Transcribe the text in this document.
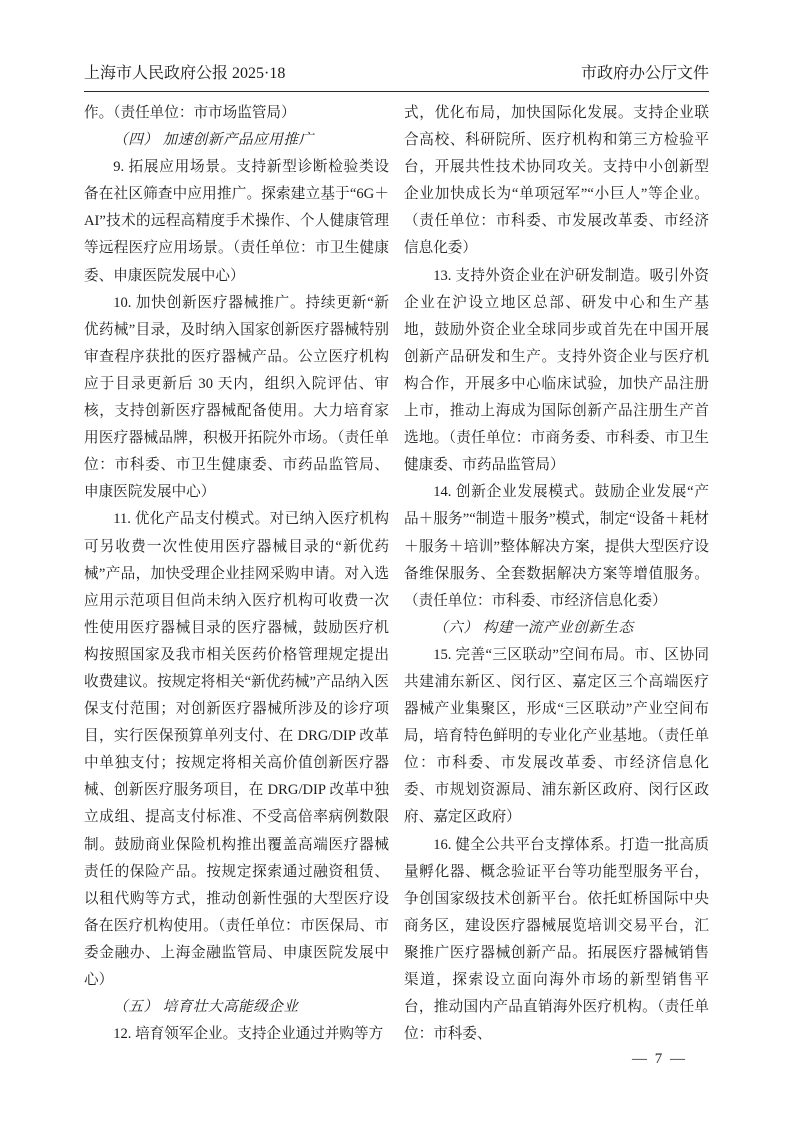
上海市人民政府公报 2025·18	市政府办公厅文件

作。（责任单位：市市场监管局）

（四） 加速创新产品应用推广

9. 拓展应用场景。支持新型诊断检验类设备在社区筛查中应用推广。探索建立基于“6G＋AI”技术的远程高精度手术操作、个人健康管理等远程医疗应用场景。（责任单位：市卫生健康委、申康医院发展中心）

10. 加快创新医疗器械推广。持续更新“新优药械”目录，及时纳入国家创新医疗器械特别审查程序获批的医疗器械产品。公立医疗机构应于目录更新后 30 天内，组织入院评估、审核，支持创新医疗器械配备使用。大力培育家用医疗器械品牌，积极开拓院外市场。（责任单位：市科委、市卫生健康委、市药品监管局、申康医院发展中心）

11. 优化产品支付模式。对已纳入医疗机构可另收费一次性使用医疗器械目录的“新优药械”产品，加快受理企业挂网采购申请。对入选应用示范项目但尚未纳入医疗机构可收费一次性使用医疗器械目录的医疗器械，鼓励医疗机构按照国家及我市相关医药价格管理规定提出收费建议。按规定将相关“新优药械”产品纳入医保支付范围；对创新医疗器械所涉及的诊疗项目，实行医保预算单列支付、在 DRG/DIP 改革中单独支付；按规定将相关高价值创新医疗器械、创新医疗服务项目，在 DRG/DIP 改革中独立成组、提高支付标准、不受高倍率病例数限制。鼓励商业保险机构推出覆盖高端医疗器械责任的保险产品。按规定探索通过融资租赁、以租代购等方式，推动创新性强的大型医疗设备在医疗机构使用。（责任单位：市医保局、市委金融办、上海金融监管局、申康医院发展中心）

（五） 培育壮大高能级企业

12. 培育领军企业。支持企业通过并购等方

式，优化布局，加快国际化发展。支持企业联合高校、科研院所、医疗机构和第三方检验平台，开展共性技术协同攻关。支持中小创新型企业加快成长为“单项冠军”“小巨人”等企业。（责任单位：市科委、市发展改革委、市经济信息化委）

13. 支持外资企业在沪研发制造。吸引外资企业在沪设立地区总部、研发中心和生产基地，鼓励外资企业全球同步或首先在中国开展创新产品研发和生产。支持外资企业与医疗机构合作，开展多中心临床试验，加快产品注册上市，推动上海成为国际创新产品注册生产首选地。（责任单位：市商务委、市科委、市卫生健康委、市药品监管局）

14. 创新企业发展模式。鼓励企业发展“产品＋服务”“制造＋服务”模式，制定“设备＋耗材＋服务＋培训”整体解决方案，提供大型医疗设备维保服务、全套数据解决方案等增值服务。（责任单位：市科委、市经济信息化委）

（六） 构建一流产业创新生态

15. 完善“三区联动”空间布局。市、区协同共建浦东新区、闵行区、嘉定区三个高端医疗器械产业集聚区，形成“三区联动”产业空间布局，培育特色鲜明的专业化产业基地。（责任单位：市科委、市发展改革委、市经济信息化委、市规划资源局、浦东新区政府、闵行区政府、嘉定区政府）

16. 健全公共平台支撑体系。打造一批高质量孵化器、概念验证平台等功能型服务平台，争创国家级技术创新平台。依托虹桥国际中央商务区，建设医疗器械展览培训交易平台，汇聚推广医疗器械创新产品。拓展医疗器械销售渠道，探索设立面向海外市场的新型销售平台，推动国内产品直销海外医疗机构。（责任单位：市科委、

— 7 —
